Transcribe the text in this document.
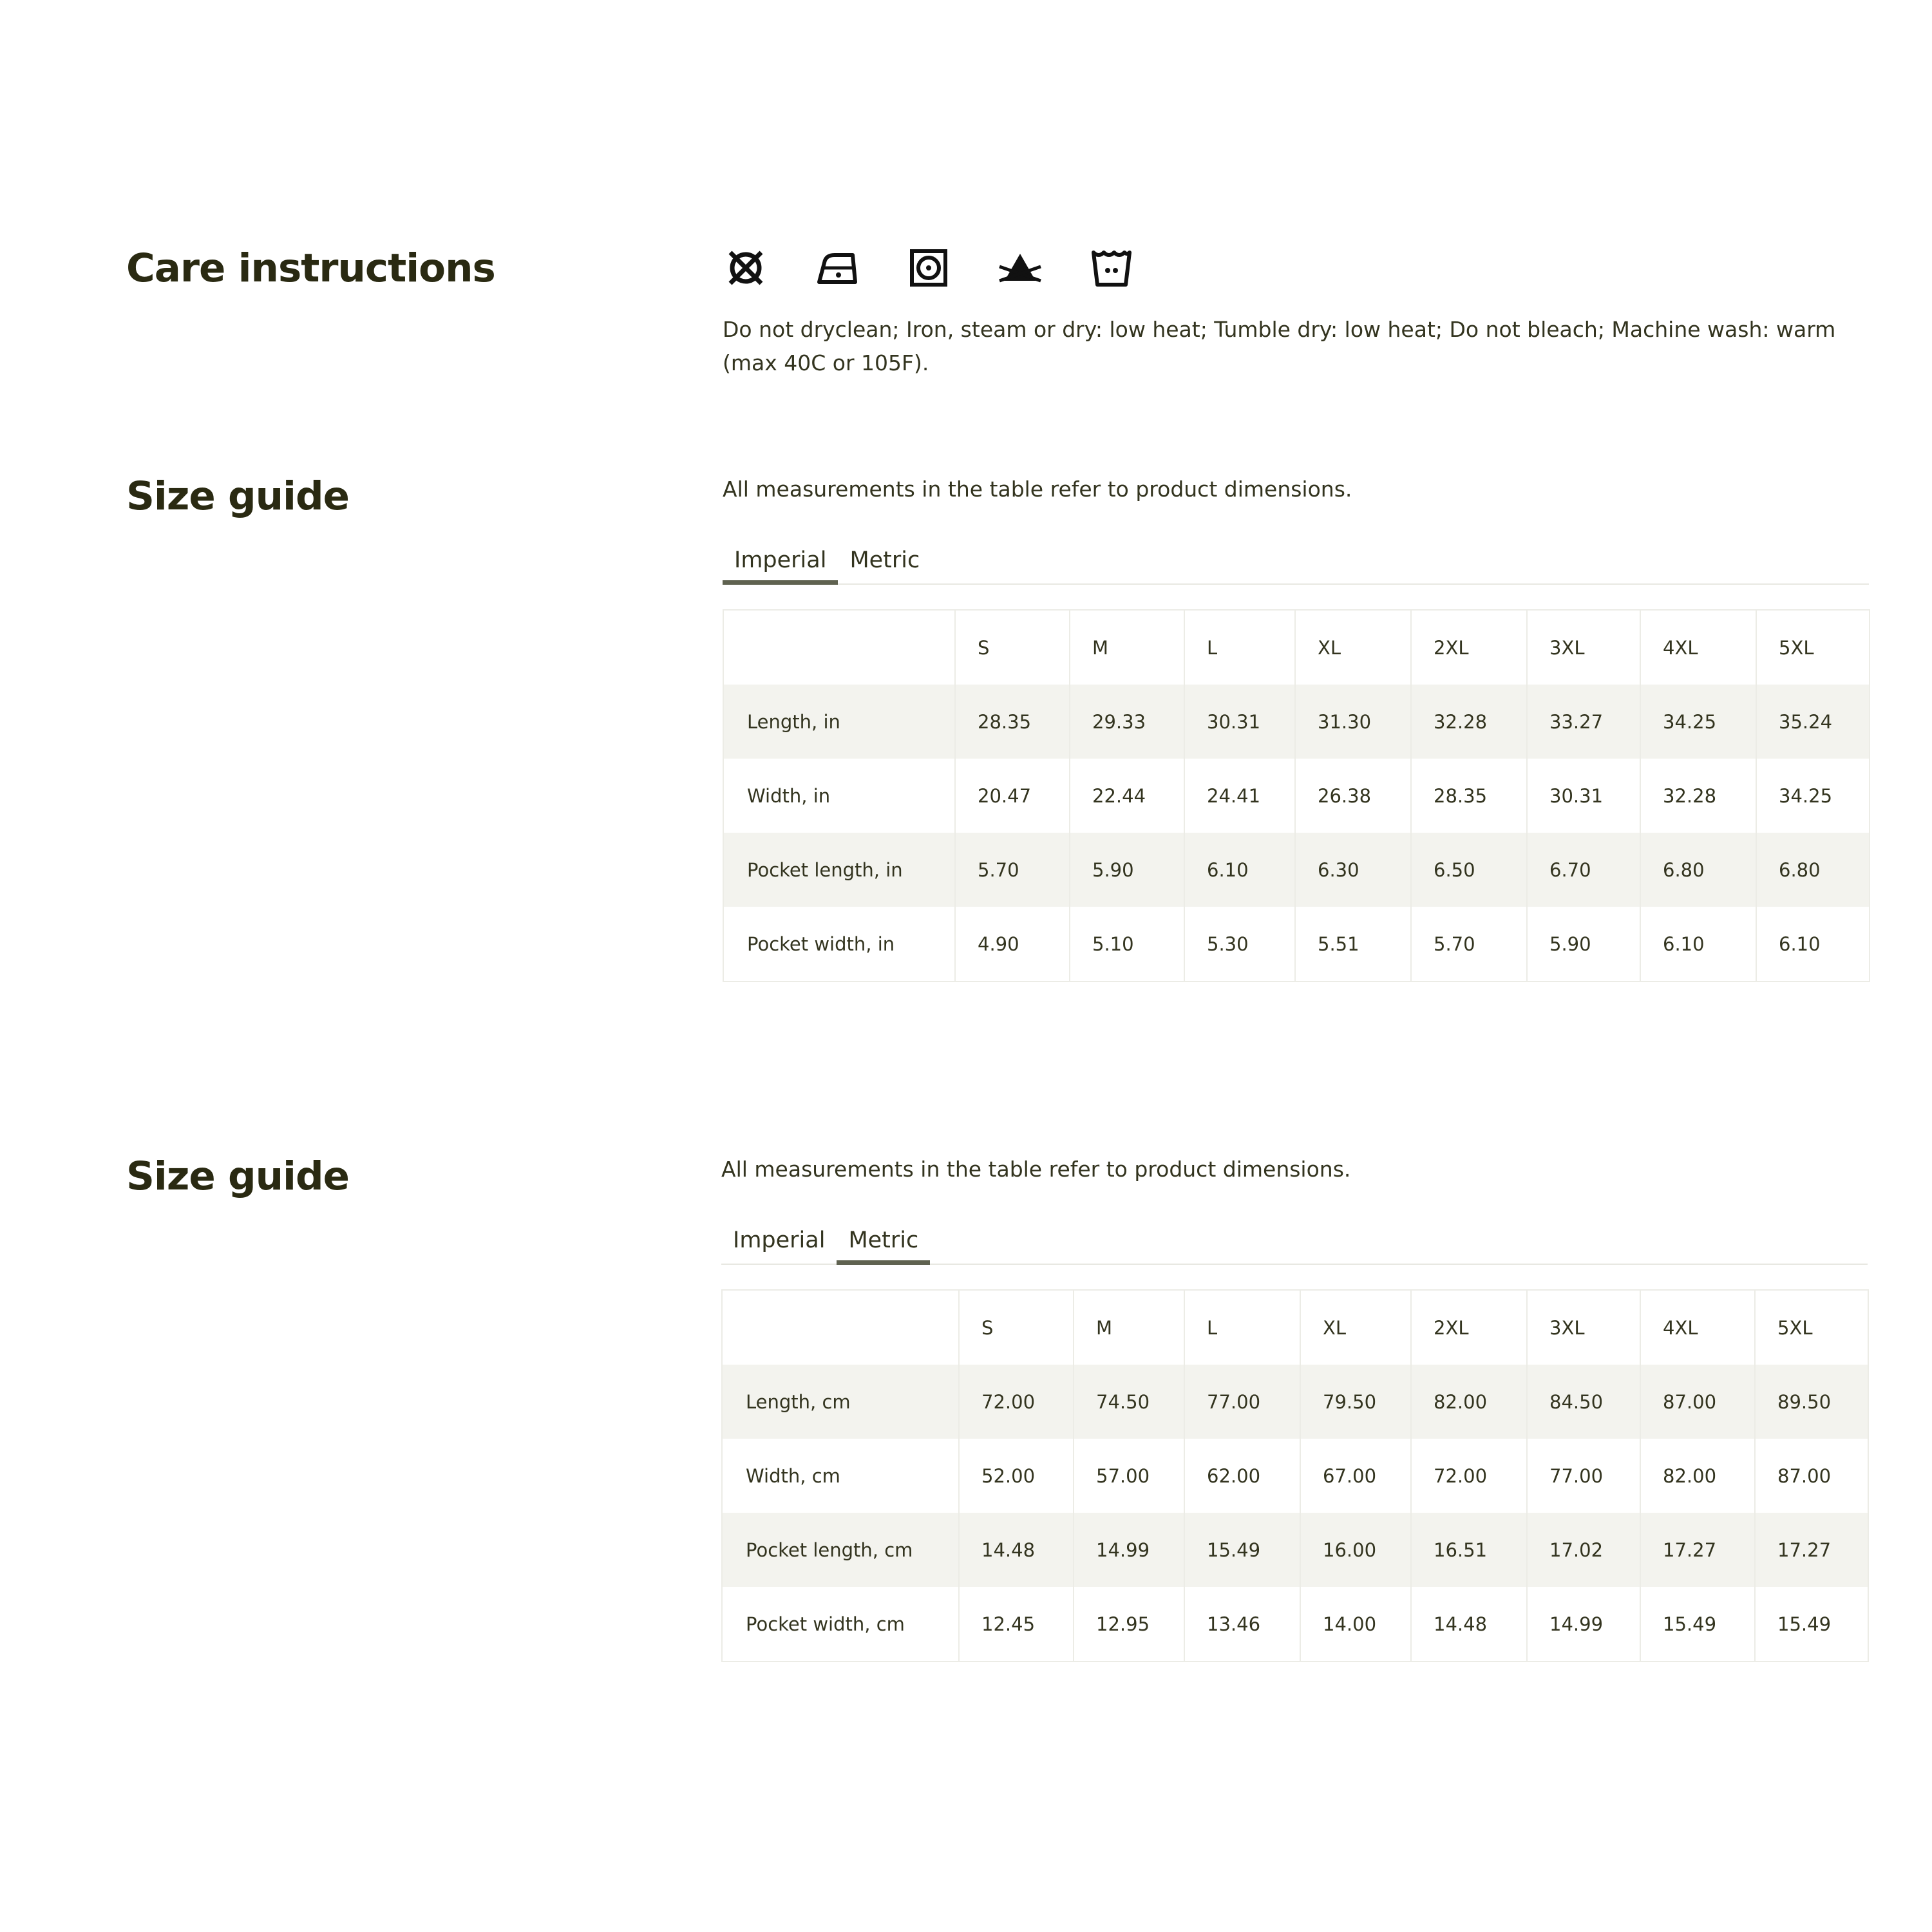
Care instructions

Do not dryclean; Iron, steam or dry: low heat; Tumble dry: low heat; Do not bleach; Machine wash: warm (max 40C or 105F).

Size guide	All measurements in the table refer to product dimensions.

Imperial	Metric
	S	M	L	XL	2XL	3XL	4XL	5XL
Length, in	28.35	29.33	30.31	31.30	32.28	33.27	34.25	35.24
Width, in	20.47	22.44	24.41	26.38	28.35	30.31	32.28	34.25
Pocket length, in	5.70	5.90	6.10	6.30	6.50	6.70	6.80	6.80
Pocket width, in	4.90	5.10	5.30	5.51	5.70	5.90	6.10	6.10
Size guide	All measurements in the table refer to product dimensions.

Imperial	Metric
	S	M	L	XL	2XL	3XL	4XL	5XL
Length, cm	72.00	74.50	77.00	79.50	82.00	84.50	87.00	89.50
Width, cm	52.00	57.00	62.00	67.00	72.00	77.00	82.00	87.00
Pocket length, cm	14.48	14.99	15.49	16.00	16.51	17.02	17.27	17.27
Pocket width, cm	12.45	12.95	13.46	14.00	14.48	14.99	15.49	15.49
